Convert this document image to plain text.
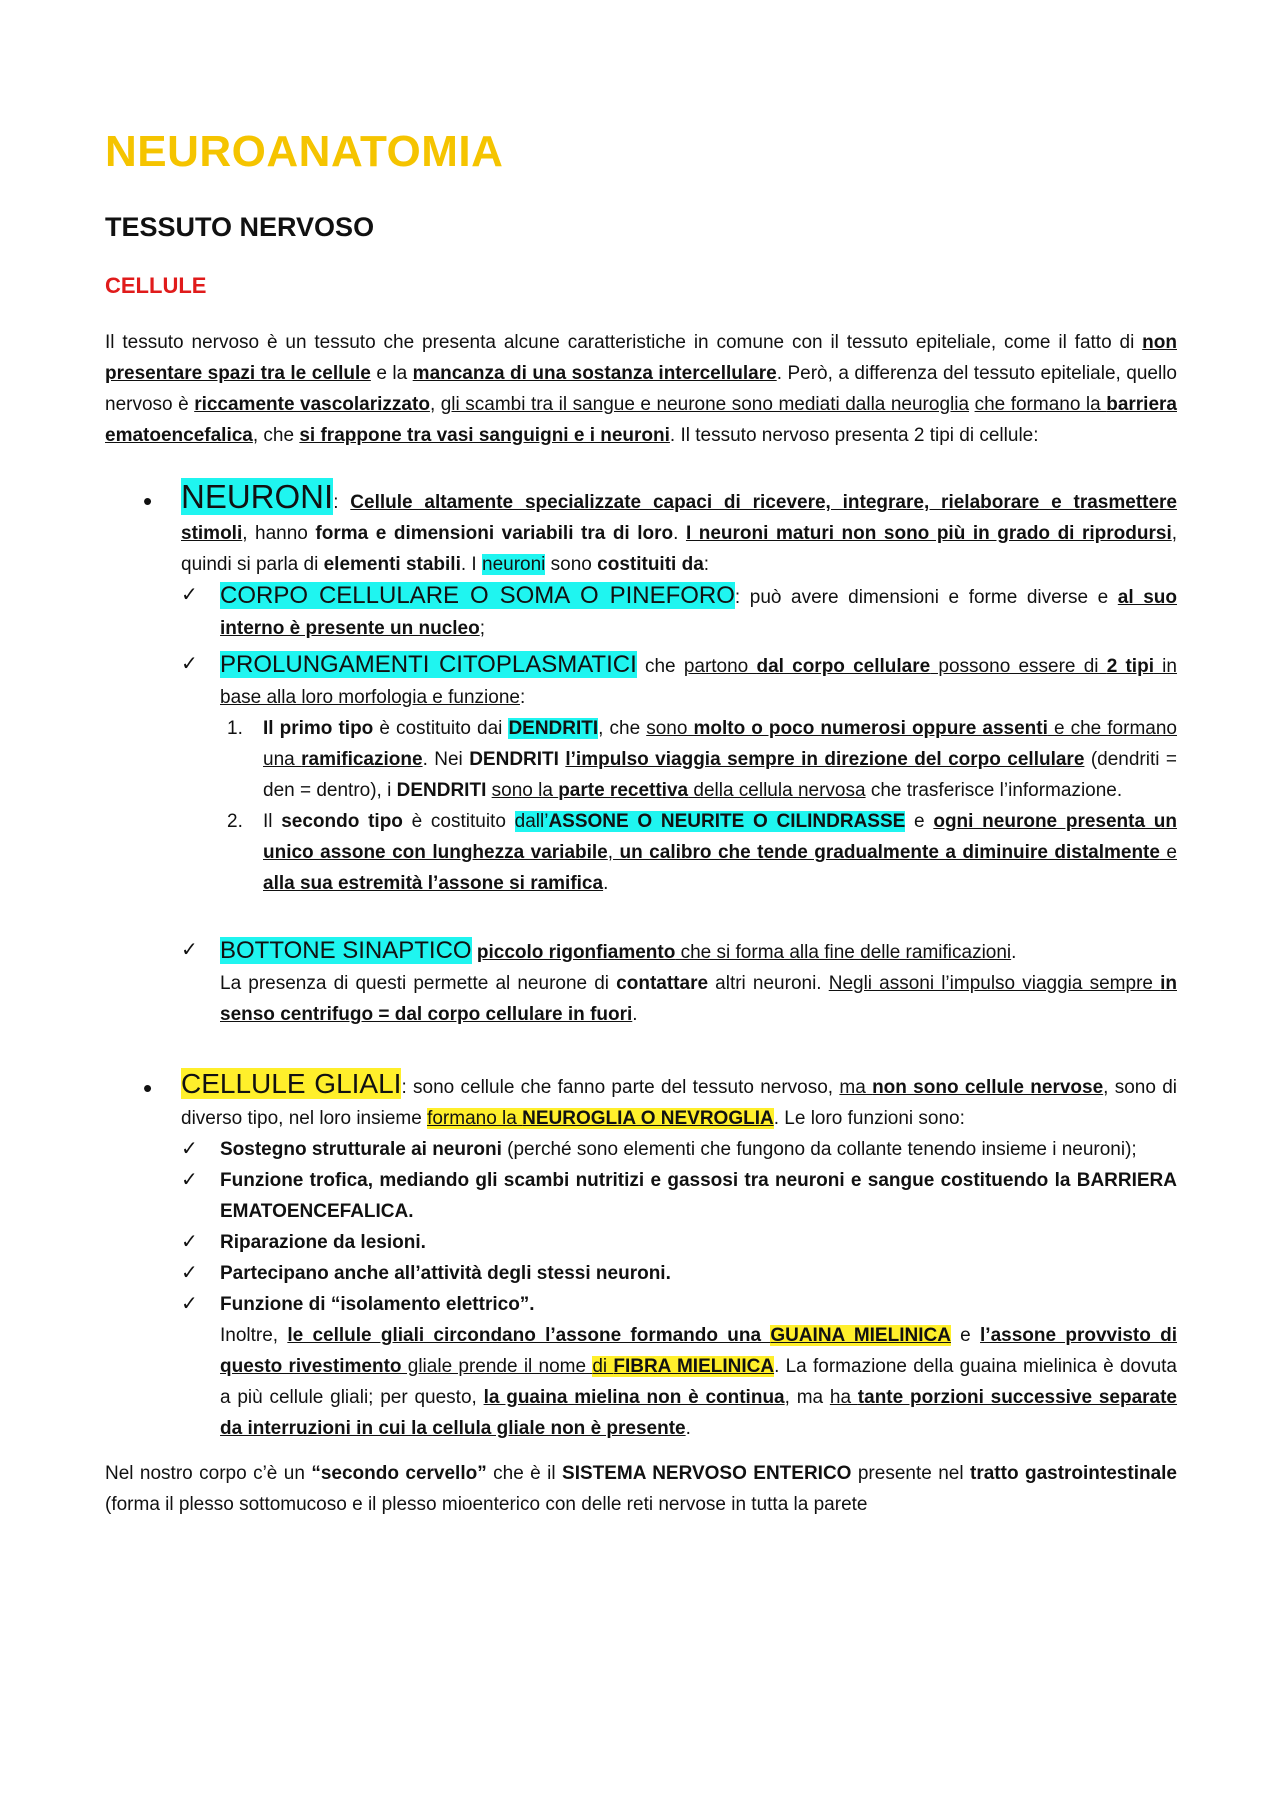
NEUROANATOMIA
TESSUTO NERVOSO
CELLULE

Il tessuto nervoso è un tessuto che presenta alcune caratteristiche in comune con il tessuto epiteliale, come il fatto di non presentare spazi tra le cellule e la mancanza di una sostanza intercellulare. Però, a differenza del tessuto epiteliale, quello nervoso è riccamente vascolarizzato, gli scambi tra il sangue e neurone sono mediati dalla neuroglia che formano la barriera ematoencefalica, che si frappone tra vasi sanguigni e i neuroni. Il tessuto nervoso presenta 2 tipi di cellule:

• NEURONI: Cellule altamente specializzate capaci di ricevere, integrare, rielaborare e trasmettere stimoli, hanno forma e dimensioni variabili tra di loro. I neuroni maturi non sono più in grado di riprodursi, quindi si parla di elementi stabili. I neuroni sono costituiti da:

✓ CORPO CELLULARE O SOMA O PINEFORO: può avere dimensioni e forme diverse e al suo interno è presente un nucleo;

✓ PROLUNGAMENTI CITOPLASMATICI che partono dal corpo cellulare possono essere di 2 tipi in base alla loro morfologia e funzione:

1. Il primo tipo è costituito dai DENDRITI, che sono molto o poco numerosi oppure assenti e che formano una ramificazione. Nei DENDRITI l’impulso viaggia sempre in direzione del corpo cellulare (dendriti = den = dentro), i DENDRITI sono la parte recettiva della cellula nervosa che trasferisce l’informazione.

2. Il secondo tipo è costituito dall’ASSONE O NEURITE O CILINDRASSE e ogni neurone presenta un unico assone con lunghezza variabile, un calibro che tende gradualmente a diminuire distalmente e alla sua estremità l’assone si ramifica.

✓ BOTTONE SINAPTICO piccolo rigonfiamento che si forma alla fine delle ramificazioni.

La presenza di questi permette al neurone di contattare altri neuroni. Negli assoni l’impulso viaggia sempre in senso centrifugo = dal corpo cellulare in fuori.

• CELLULE GLIALI: sono cellule che fanno parte del tessuto nervoso, ma non sono cellule nervose, sono di diverso tipo, nel loro insieme formano la NEUROGLIA O NEVROGLIA. Le loro funzioni sono:

✓ Sostegno strutturale ai neuroni (perché sono elementi che fungono da collante tenendo insieme i neuroni);

✓ Funzione trofica, mediando gli scambi nutritizi e gassosi tra neuroni e sangue costituendo la BARRIERA EMATOENCEFALICA.

✓ Riparazione da lesioni.

✓ Partecipano anche all’attività degli stessi neuroni.

✓ Funzione di “isolamento elettrico”.

Inoltre, le cellule gliali circondano l’assone formando una GUAINA MIELINICA e l’assone provvisto di questo rivestimento gliale prende il nome di FIBRA MIELINICA. La formazione della guaina mielinica è dovuta a più cellule gliali; per questo, la guaina mielina non è continua, ma ha tante porzioni successive separate da interruzioni in cui la cellula gliale non è presente.

Nel nostro corpo c’è un “secondo cervello” che è il SISTEMA NERVOSO ENTERICO presente nel tratto gastrointestinale (forma il plesso sottomucoso e il plesso mioenterico con delle reti nervose in tutta la parete
